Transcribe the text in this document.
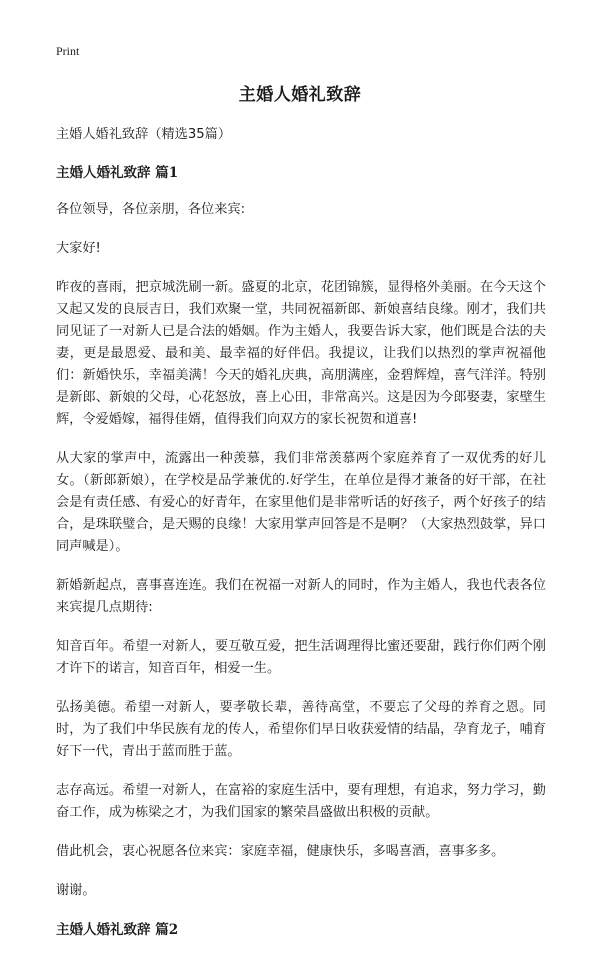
Print

主婚人婚礼致辞

主婚人婚礼致辞（精选35篇）

主婚人婚礼致辞 篇1

各位领导，各位亲朋，各位来宾:

大家好!

昨夜的喜雨，把京城洗刷一新。盛夏的北京，花团锦簇，显得格外美丽。在今天这个又起又发的良辰吉日，我们欢聚一堂，共同祝福新郎、新娘喜结良缘。刚才，我们共同见证了一对新人已是合法的婚姻。作为主婚人，我要告诉大家，他们既是合法的夫妻，更是最恩爱、最和美、最幸福的好伴侣。我提议，让我们以热烈的掌声祝福他们：新婚快乐，幸福美满！今天的婚礼庆典，高朋满座，金碧辉煌，喜气洋洋。特别是新郎、新娘的父母，心花怒放，喜上心田，非常高兴。这是因为今郎娶妻，家壁生辉，令爱婚嫁，福得佳婿，值得我们向双方的家长祝贺和道喜!

从大家的掌声中，流露出一种羡慕，我们非常羡慕两个家庭养育了一双优秀的好儿女。（新郎新娘），在学校是品学兼优的.好学生，在单位是得才兼备的好干部，在社会是有责任感、有爱心的好青年，在家里他们是非常听话的好孩子，两个好孩子的结合，是珠联璧合，是天赐的良缘！大家用掌声回答是不是啊？（大家热烈鼓掌，异口同声喊是）。

新婚新起点，喜事喜连连。我们在祝福一对新人的同时，作为主婚人，我也代表各位来宾提几点期待:

知音百年。希望一对新人，要互敬互爱，把生活调理得比蜜还要甜，践行你们两个刚才许下的诺言，知音百年，相爱一生。

弘扬美德。希望一对新人，要孝敬长辈，善待高堂，不要忘了父母的养育之恩。同时，为了我们中华民族有龙的传人，希望你们早日收获爱情的结晶，孕育龙子，哺育好下一代，青出于蓝而胜于蓝。

志存高远。希望一对新人，在富裕的家庭生活中，要有理想，有追求，努力学习，勤奋工作，成为栋梁之才，为我们国家的繁荣昌盛做出积极的贡献。

借此机会，衷心祝愿各位来宾：家庭幸福，健康快乐，多喝喜酒，喜事多多。

谢谢。

主婚人婚礼致辞 篇2
